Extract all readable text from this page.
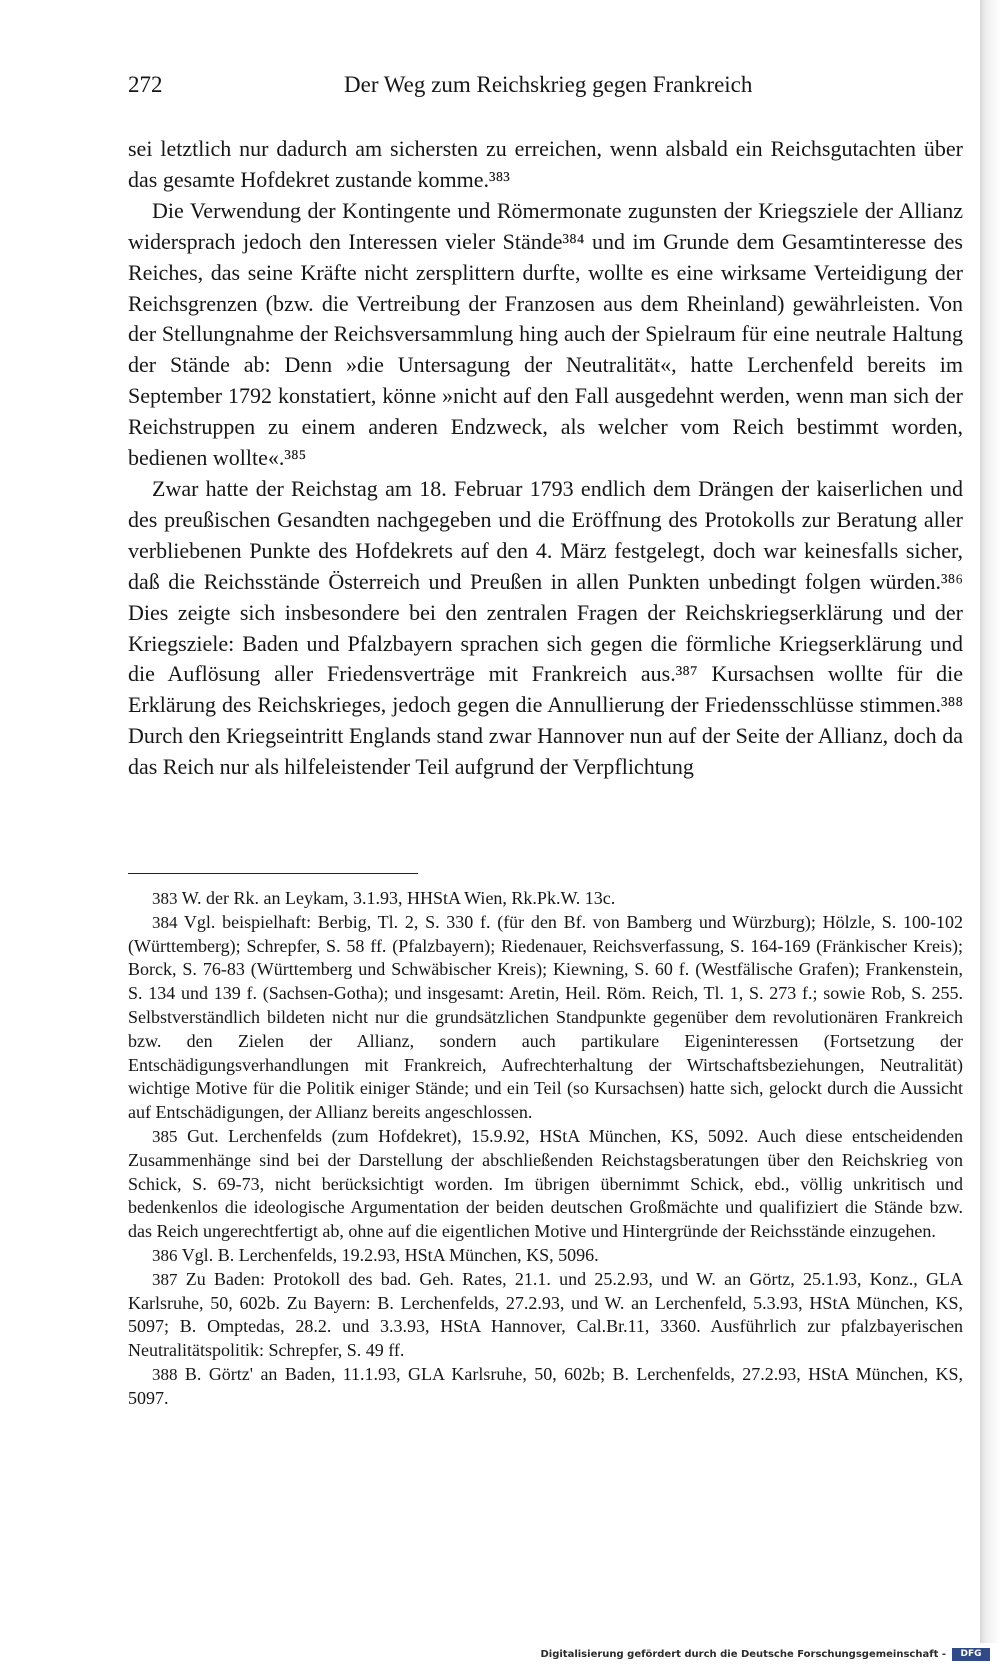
272	Der Weg zum Reichskrieg gegen Frankreich

sei letztlich nur dadurch am sichersten zu erreichen, wenn alsbald ein Reichsgutachten über das gesamte Hofdekret zustande komme.³⁸³

Die Verwendung der Kontingente und Römermonate zugunsten der Kriegsziele der Allianz widersprach jedoch den Interessen vieler Stände³⁸⁴ und im Grunde dem Gesamtinteresse des Reiches, das seine Kräfte nicht zersplittern durfte, wollte es eine wirksame Verteidigung der Reichsgrenzen (bzw. die Vertreibung der Franzosen aus dem Rheinland) gewährleisten. Von der Stellungnahme der Reichsversammlung hing auch der Spielraum für eine neutrale Haltung der Stände ab: Denn »die Untersagung der Neutralität«, hatte Lerchenfeld bereits im September 1792 konstatiert, könne »nicht auf den Fall ausgedehnt werden, wenn man sich der Reichstruppen zu einem anderen Endzweck, als welcher vom Reich bestimmt worden, bedienen wollte«.³⁸⁵

Zwar hatte der Reichstag am 18. Februar 1793 endlich dem Drängen der kaiserlichen und des preußischen Gesandten nachgegeben und die Eröffnung des Protokolls zur Beratung aller verbliebenen Punkte des Hofdekrets auf den 4. März festgelegt, doch war keinesfalls sicher, daß die Reichsstände Österreich und Preußen in allen Punkten unbedingt folgen würden.³⁸⁶ Dies zeigte sich insbesondere bei den zentralen Fragen der Reichskriegserklärung und der Kriegsziele: Baden und Pfalzbayern sprachen sich gegen die förmliche Kriegserklärung und die Auflösung aller Friedensverträge mit Frankreich aus.³⁸⁷ Kursachsen wollte für die Erklärung des Reichskrieges, jedoch gegen die Annullierung der Friedensschlüsse stimmen.³⁸⁸ Durch den Kriegseintritt Englands stand zwar Hannover nun auf der Seite der Allianz, doch da das Reich nur als hilfeleistender Teil aufgrund der Verpflichtung

383 W. der Rk. an Leykam, 3.1.93, HHStA Wien, Rk.Pk.W. 13c.

384 Vgl. beispielhaft: Berbig, Tl. 2, S. 330 f. (für den Bf. von Bamberg und Würzburg); Hölzle, S. 100-102 (Württemberg); Schrepfer, S. 58 ff. (Pfalzbayern); Riedenauer, Reichsverfassung, S. 164-169 (Fränkischer Kreis); Borck, S. 76-83 (Württemberg und Schwäbischer Kreis); Kiewning, S. 60 f. (Westfälische Grafen); Frankenstein, S. 134 und 139 f. (Sachsen-Gotha); und insgesamt: Aretin, Heil. Röm. Reich, Tl. 1, S. 273 f.; sowie Rob, S. 255. Selbstverständlich bildeten nicht nur die grundsätzlichen Standpunkte gegenüber dem revolutionären Frankreich bzw. den Zielen der Allianz, sondern auch partikulare Eigeninteressen (Fortsetzung der Entschädigungsverhandlungen mit Frankreich, Aufrechterhaltung der Wirtschaftsbeziehungen, Neutralität) wichtige Motive für die Politik einiger Stände; und ein Teil (so Kursachsen) hatte sich, gelockt durch die Aussicht auf Entschädigungen, der Allianz bereits angeschlossen.

385 Gut. Lerchenfelds (zum Hofdekret), 15.9.92, HStA München, KS, 5092. Auch diese entscheidenden Zusammenhänge sind bei der Darstellung der abschließenden Reichstagsberatungen über den Reichskrieg von Schick, S. 69-73, nicht berücksichtigt worden. Im übrigen übernimmt Schick, ebd., völlig unkritisch und bedenkenlos die ideologische Argumentation der beiden deutschen Großmächte und qualifiziert die Stände bzw. das Reich ungerechtfertigt ab, ohne auf die eigentlichen Motive und Hintergründe der Reichsstände einzugehen.

386 Vgl. B. Lerchenfelds, 19.2.93, HStA München, KS, 5096.

387 Zu Baden: Protokoll des bad. Geh. Rates, 21.1. und 25.2.93, und W. an Görtz, 25.1.93, Konz., GLA Karlsruhe, 50, 602b. Zu Bayern: B. Lerchenfelds, 27.2.93, und W. an Lerchenfeld, 5.3.93, HStA München, KS, 5097; B. Omptedas, 28.2. und 3.3.93, HStA Hannover, Cal.Br.11, 3360. Ausführlich zur pfalzbayerischen Neutralitätspolitik: Schrepfer, S. 49 ff.

388 B. Görtz' an Baden, 11.1.93, GLA Karlsruhe, 50, 602b; B. Lerchenfelds, 27.2.93, HStA München, KS, 5097.

Digitalisierung gefördert durch die Deutsche Forschungsgemeinschaft -	DFG
